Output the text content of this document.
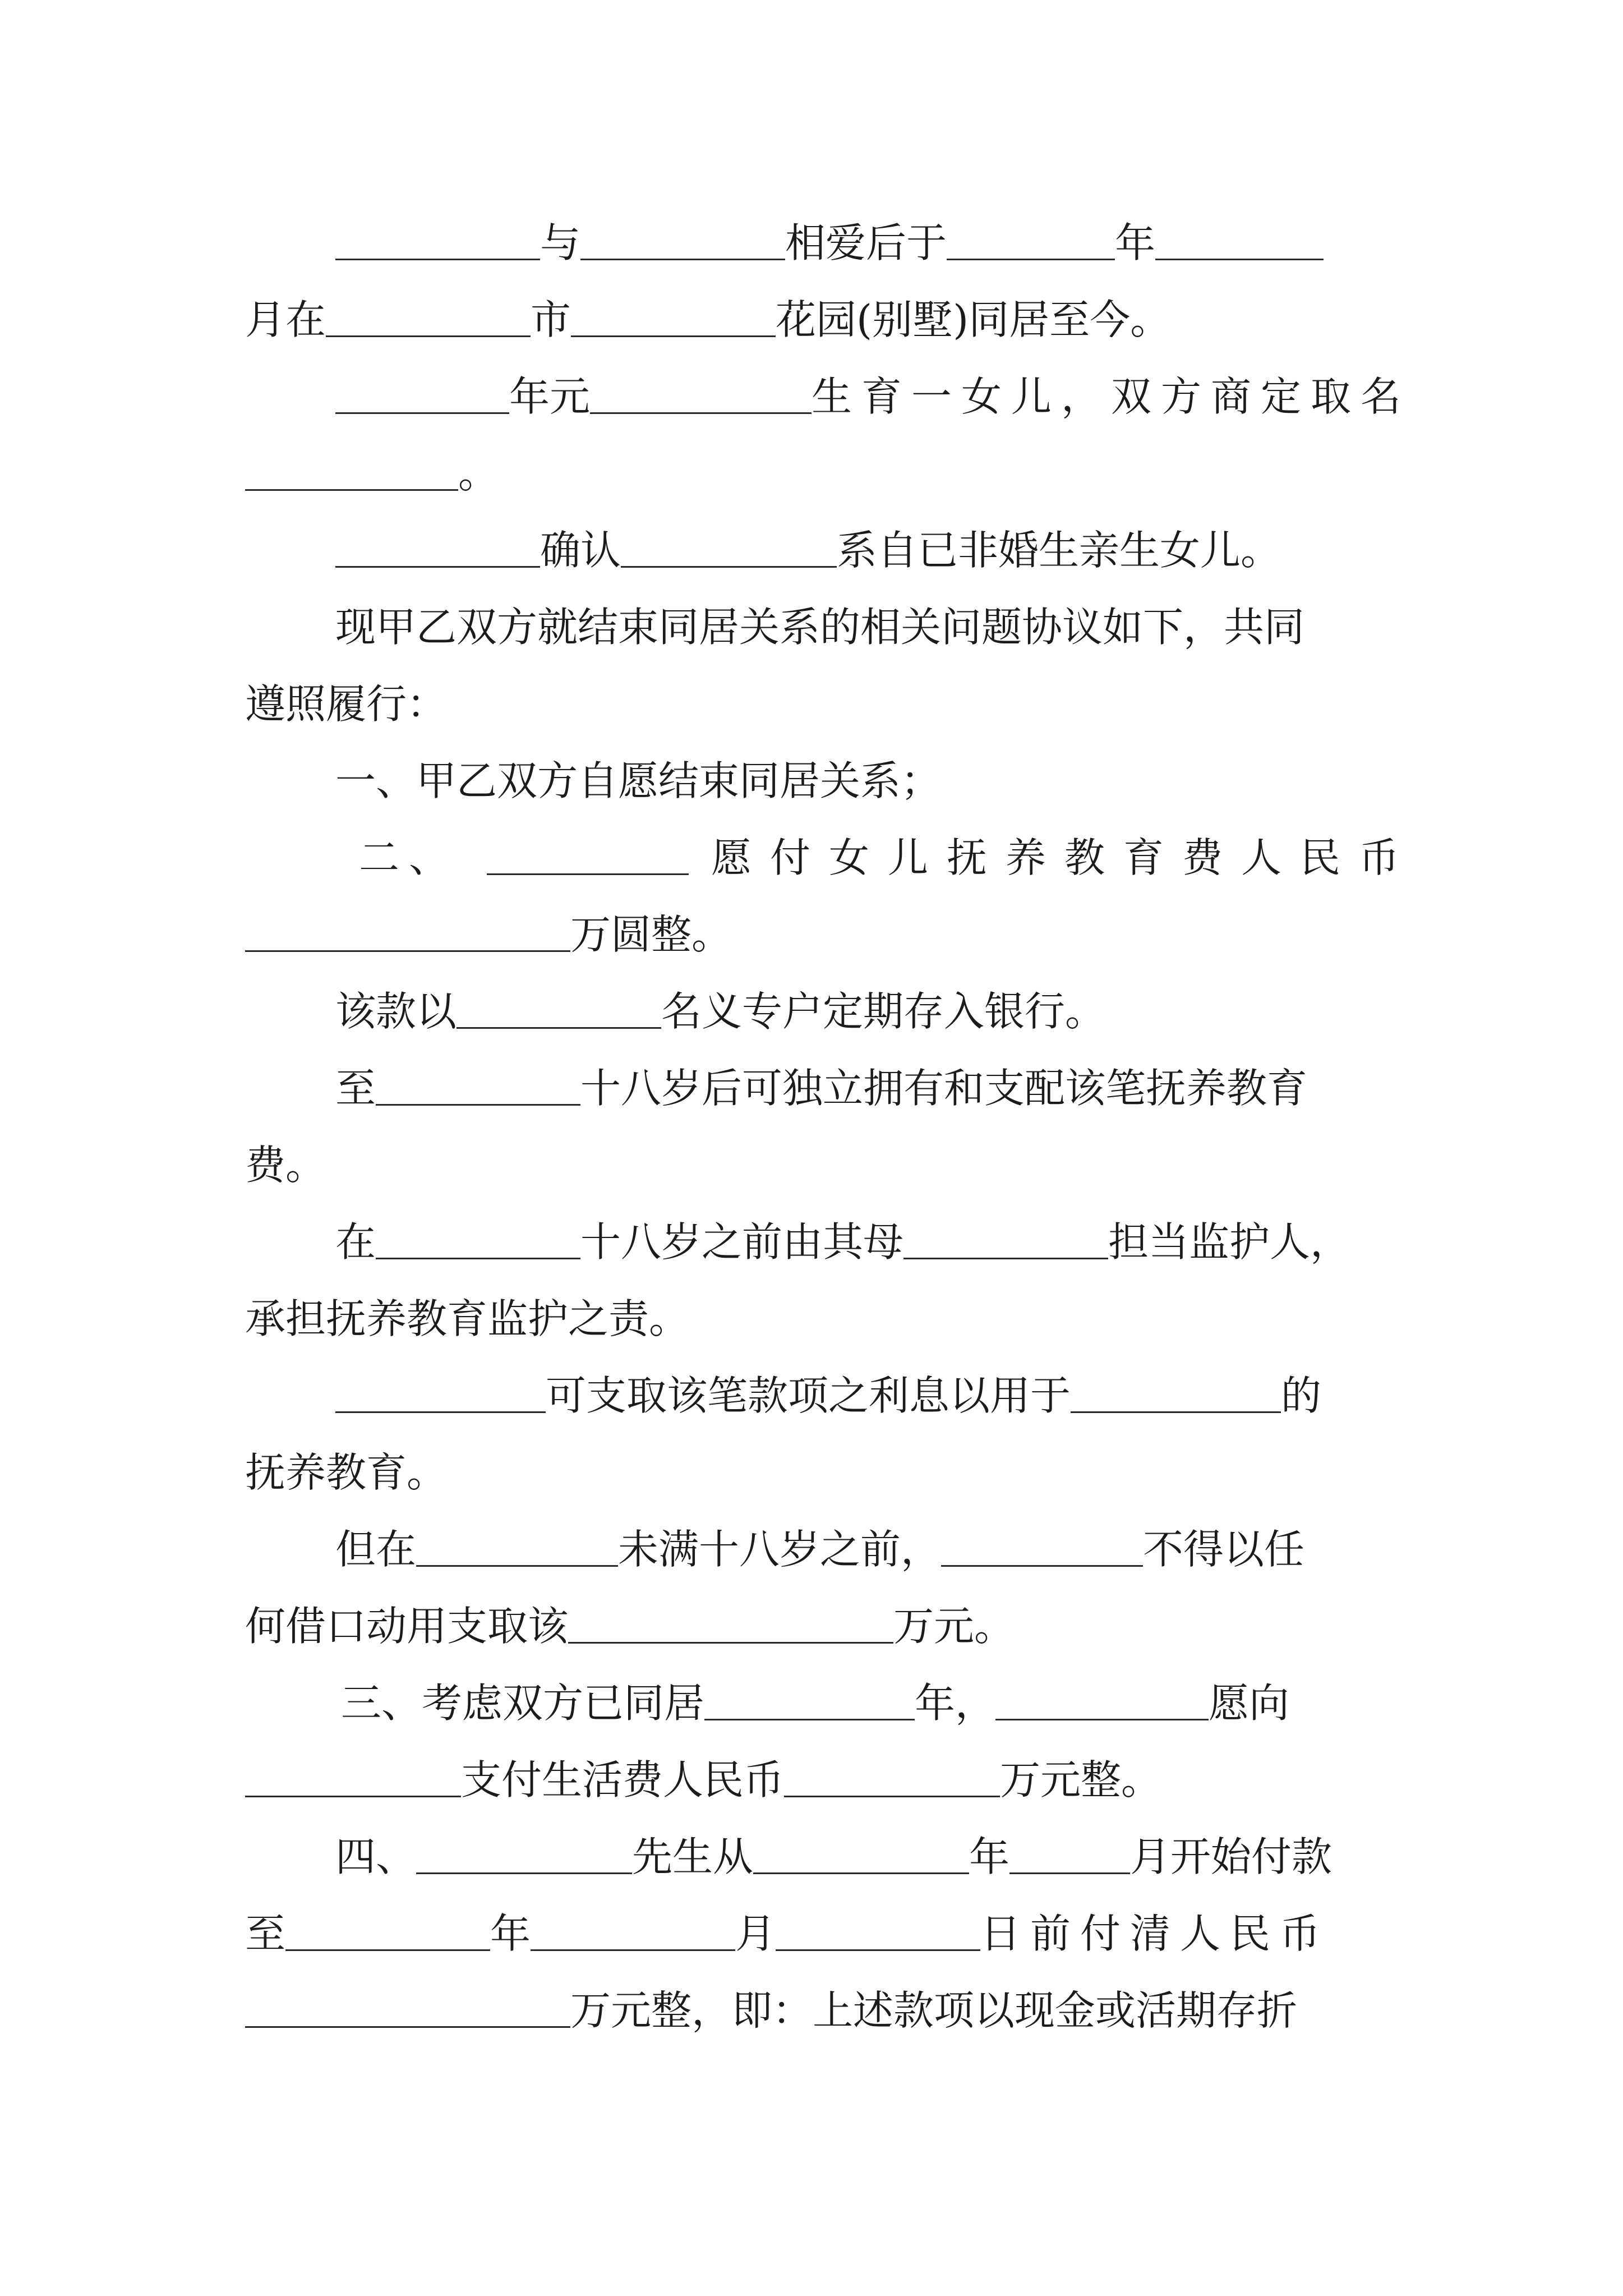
与	相爱后于	年
月在	市	花园(别墅)同居至今。
年元	生育一女儿，双方商定取名
。
确认	系自已非婚生亲生女儿。
现甲乙双方就结束同居关系的相关问题协议如下，共同
遵照履行：
一、甲乙双方自愿结束同居关系；
二、	愿付女儿抚养教育费人民币
万圆整。
该款以	名义专户定期存入银行。
至	十八岁后可独立拥有和支配该笔抚养教育
费。
在	十八岁之前由其母	担当监护人，
承担抚养教育监护之责。
可支取该笔款项之利息以用于	的
抚养教育。
但在	未满十八岁之前，	不得以任
何借口动用支取该	万元。
三、考虑双方已同居	年，	愿向
支付生活费人民币	万元整。
四、	先生从	年	月开始付款
至	年	月	日前付清人民币
万元整，即：上述款项以现金或活期存折
